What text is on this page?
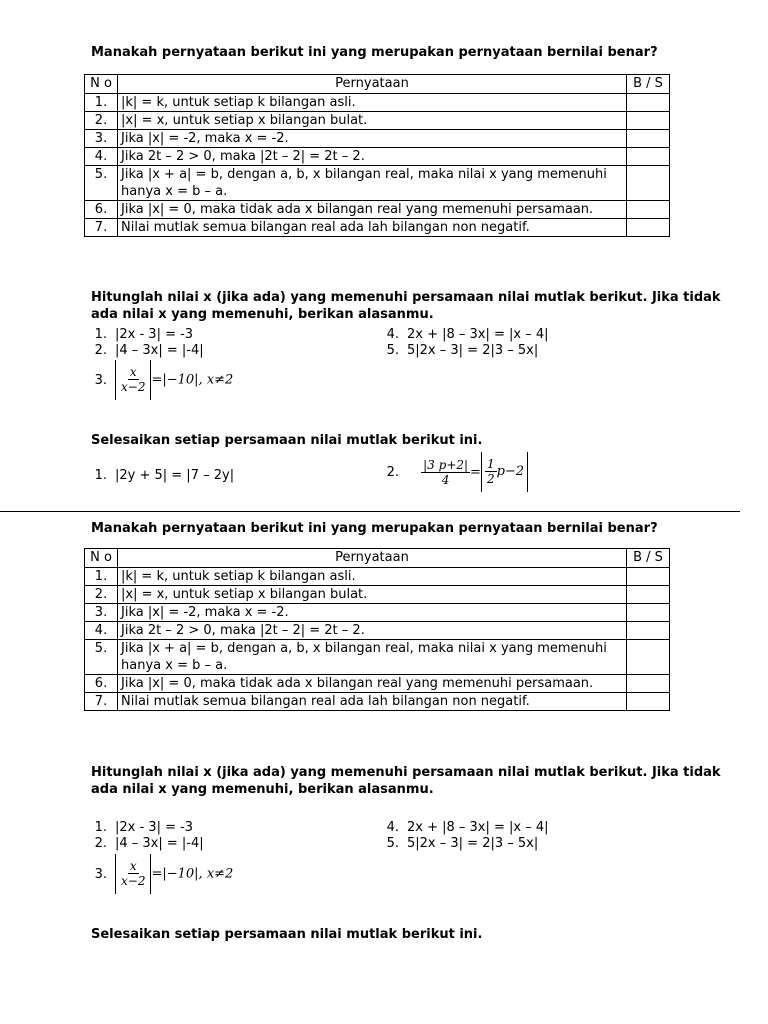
Manakah pernyataan berikut ini yang merupakan pernyataan bernilai benar?
N o	Pernyataan	B / S
1.	|k| = k, untuk setiap k bilangan asli.	
2.	|x| = x, untuk setiap x bilangan bulat.	
3.	Jika |x| = -2, maka x = -2.	
4.	Jika 2t – 2 > 0, maka |2t – 2| = 2t – 2.	
5.	Jika |x + a| = b, dengan a, b, x bilangan real, maka nilai x yang memenuhi hanya x = b – a.	
6.	Jika |x| = 0, maka tidak ada x bilangan real yang memenuhi persamaan.	
7.	Nilai mutlak semua bilangan real ada lah bilangan non negatif.	
Hitunglah nilai x (jika ada) yang memenuhi persamaan nilai mutlak berikut. Jika tidak ada nilai x yang memenuhi, berikan alasanmu.
1. |2x - 3| = -3
2. |4 – 3x| = |-4|
3. $\frac{x}{x-2} =|-10|$, x≠2
4. 2x + |8 – 3x| = |x – 4|
5. 5|2x – 3| = 2|3 – 5x|
Selesaikan setiap persamaan nilai mutlak berikut ini.
1. |2y + 5| = |7 – 2y|	2. $\frac{|3 p+2|}{4} = \frac{1}{2} p-2$
Manakah pernyataan berikut ini yang merupakan pernyataan bernilai benar?
N o	Pernyataan	B / S
1.	|k| = k, untuk setiap k bilangan asli.	
2.	|x| = x, untuk setiap x bilangan bulat.	
3.	Jika |x| = -2, maka x = -2.	
4.	Jika 2t – 2 > 0, maka |2t – 2| = 2t – 2.	
5.	Jika |x + a| = b, dengan a, b, x bilangan real, maka nilai x yang memenuhi hanya x = b – a.	
6.	Jika |x| = 0, maka tidak ada x bilangan real yang memenuhi persamaan.	
7.	Nilai mutlak semua bilangan real ada lah bilangan non negatif.	
Hitunglah nilai x (jika ada) yang memenuhi persamaan nilai mutlak berikut. Jika tidak ada nilai x yang memenuhi, berikan alasanmu.
1. |2x - 3| = -3
2. |4 – 3x| = |-4|
3. $\frac{x}{x-2} =|-10|$, x≠2
4. 2x + |8 – 3x| = |x – 4|
5. 5|2x – 3| = 2|3 – 5x|
Selesaikan setiap persamaan nilai mutlak berikut ini.
